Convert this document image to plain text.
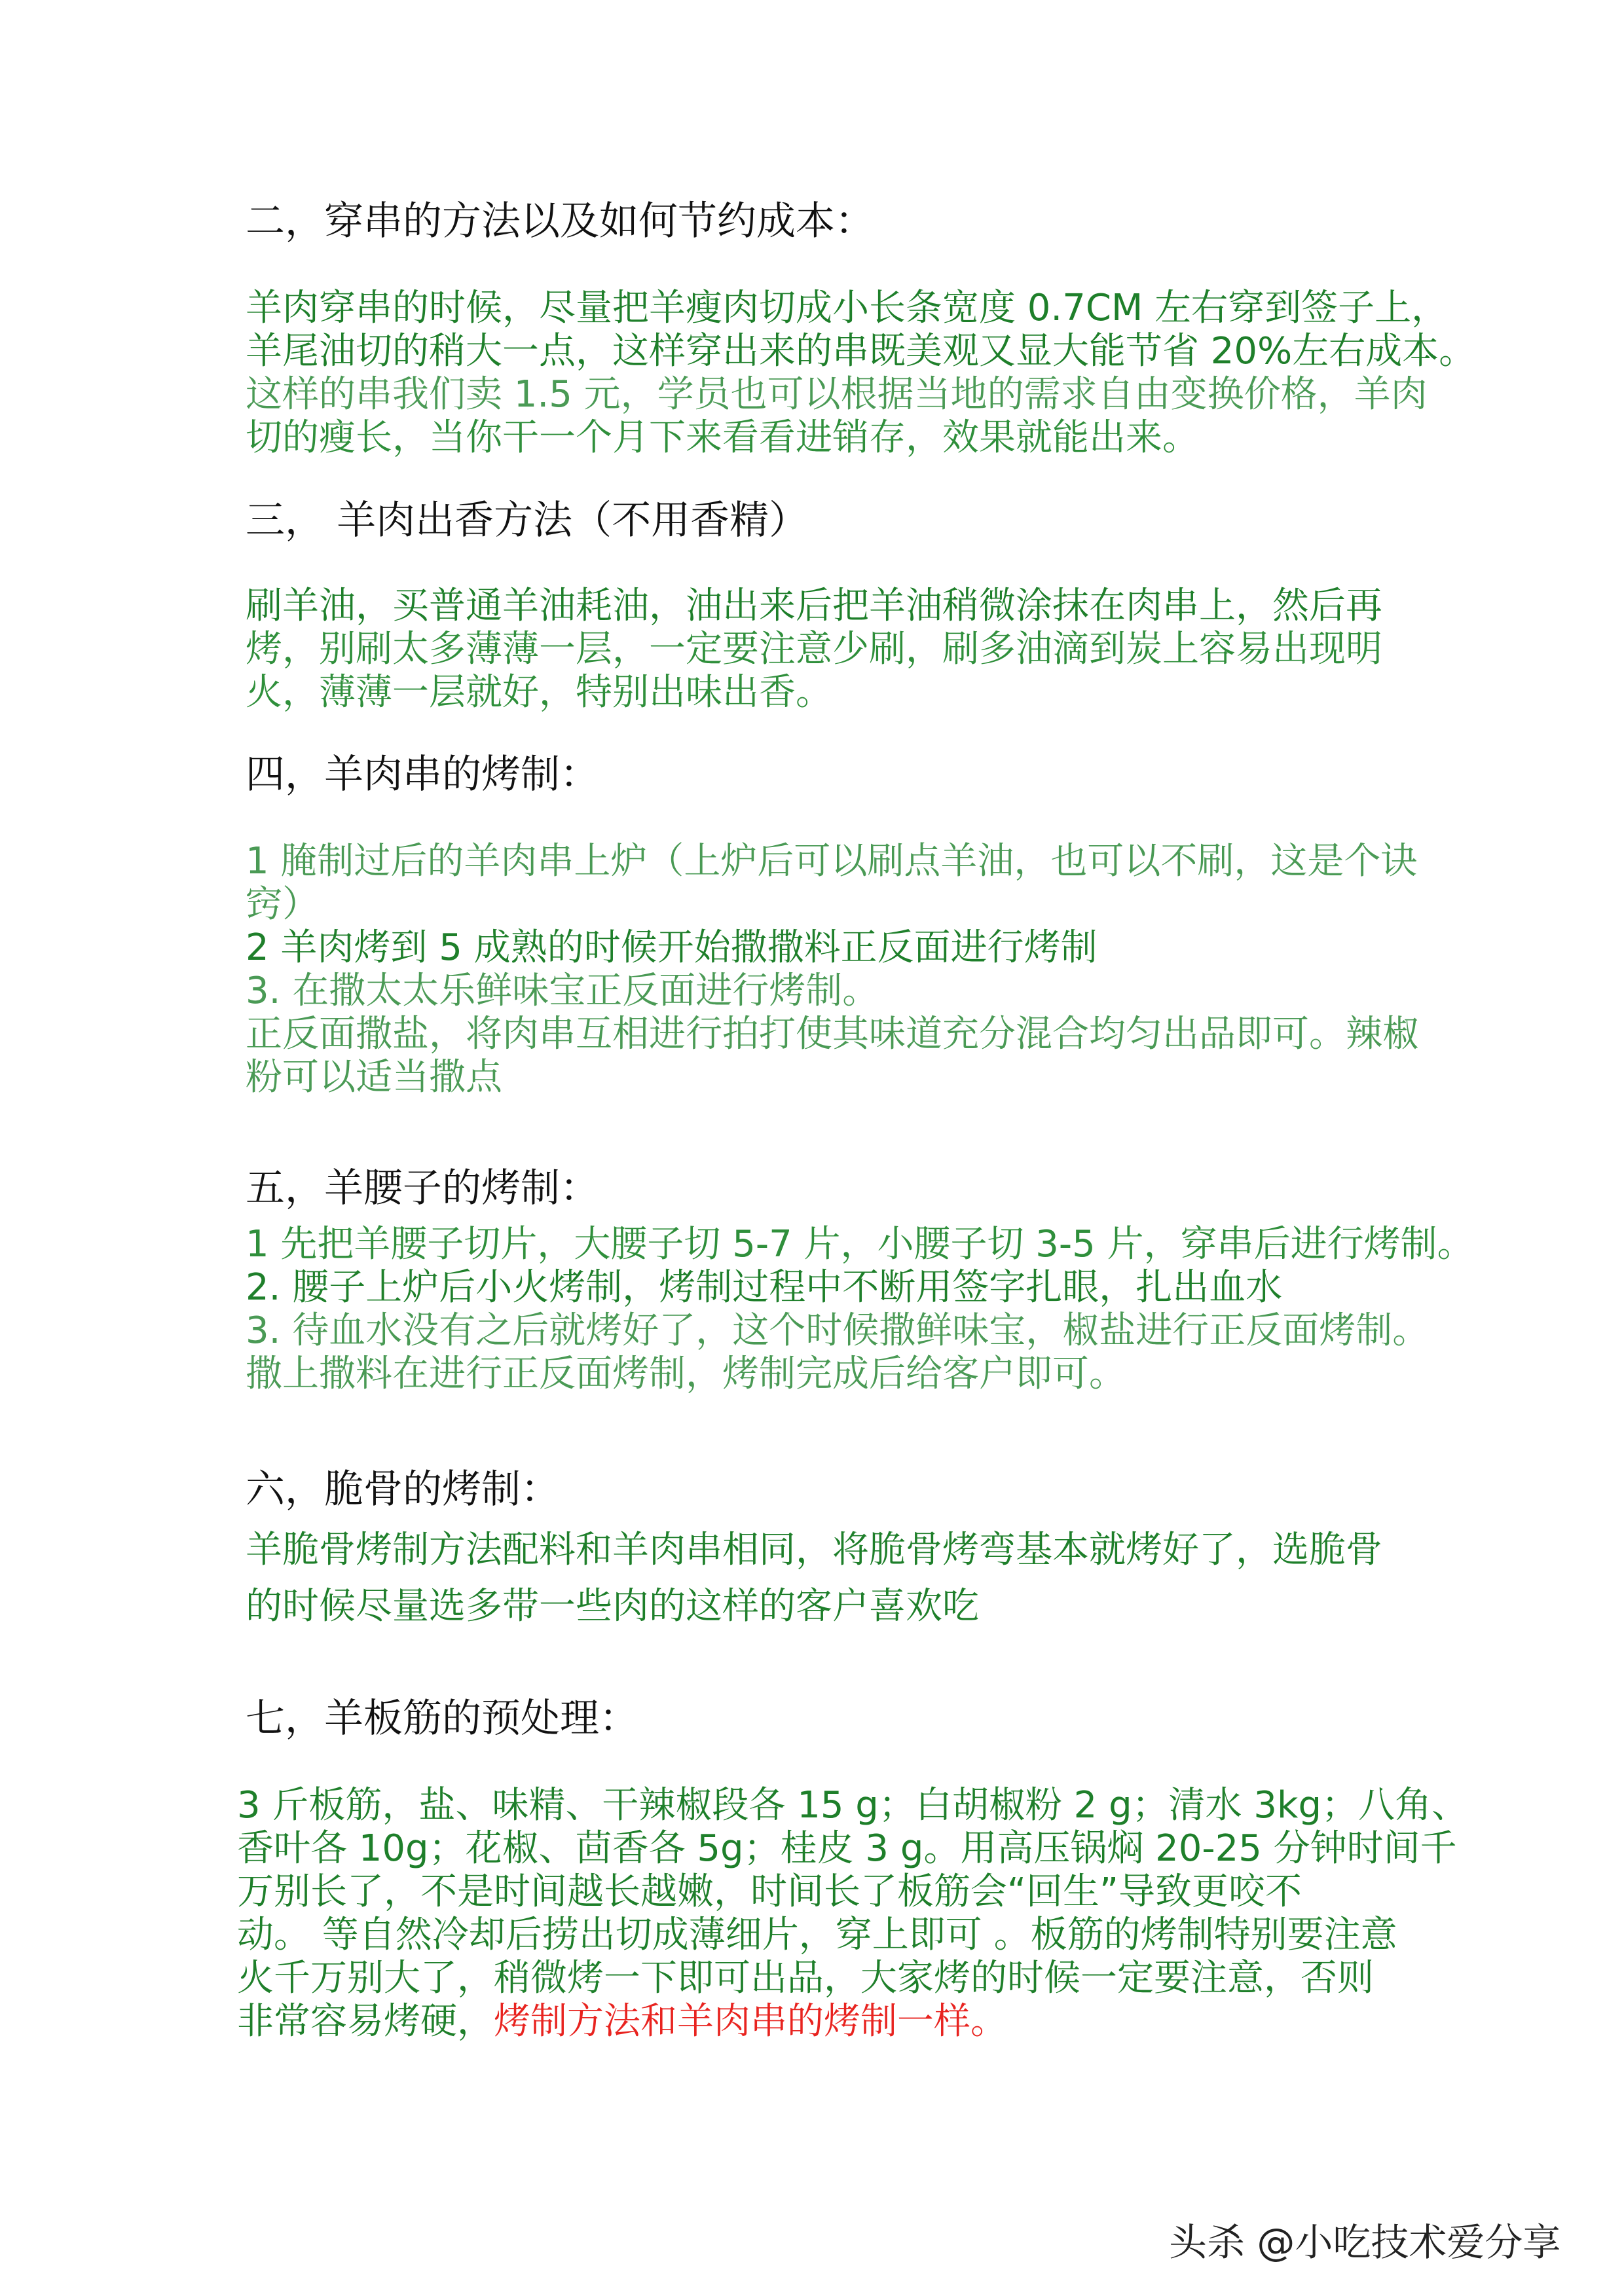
二，穿串的方法以及如何节约成本：
羊肉穿串的时候，尽量把羊瘦肉切成小长条宽度 0.7CM 左右穿到签子上，
羊尾油切的稍大一点，这样穿出来的串既美观又显大能节省 20%左右成本。
这样的串我们卖 1.5 元，学员也可以根据当地的需求自由变换价格，羊肉
切的瘦长，当你干一个月下来看看进销存，效果就能出来。
三， 羊肉出香方法（不用香精）
刷羊油，买普通羊油耗油，油出来后把羊油稍微涂抹在肉串上，然后再
烤，别刷太多薄薄一层，一定要注意少刷，刷多油滴到炭上容易出现明
火，薄薄一层就好，特别出味出香。
四，羊肉串的烤制：
1 腌制过后的羊肉串上炉（上炉后可以刷点羊油，也可以不刷，这是个诀
窍）
2 羊肉烤到 5 成熟的时候开始撒撒料正反面进行烤制
3. 在撒太太乐鲜味宝正反面进行烤制。
正反面撒盐，将肉串互相进行拍打使其味道充分混合均匀出品即可。辣椒
粉可以适当撒点
五，羊腰子的烤制：
1 先把羊腰子切片，大腰子切 5-7 片，小腰子切 3-5 片，穿串后进行烤制。
2. 腰子上炉后小火烤制，烤制过程中不断用签字扎眼，扎出血水
3. 待血水没有之后就烤好了，这个时候撒鲜味宝，椒盐进行正反面烤制。
撒上撒料在进行正反面烤制，烤制完成后给客户即可。
六，脆骨的烤制：
羊脆骨烤制方法配料和羊肉串相同，将脆骨烤弯基本就烤好了，选脆骨
的时候尽量选多带一些肉的这样的客户喜欢吃
七，羊板筋的预处理：
3 斤板筋，盐、味精、干辣椒段各 15 g；白胡椒粉 2 g；清水 3kg；八角、
香叶各 10g；花椒、茴香各 5g；桂皮 3 g。用高压锅焖 20-25 分钟时间千
万别长了，不是时间越长越嫩，时间长了板筋会“回生”导致更咬不
动。 等自然冷却后捞出切成薄细片，穿上即可 。板筋的烤制特别要注意
火千万别大了，稍微烤一下即可出品，大家烤的时候一定要注意，否则
非常容易烤硬，烤制方法和羊肉串的烤制一样。
头杀 @小吃技术爱分享
